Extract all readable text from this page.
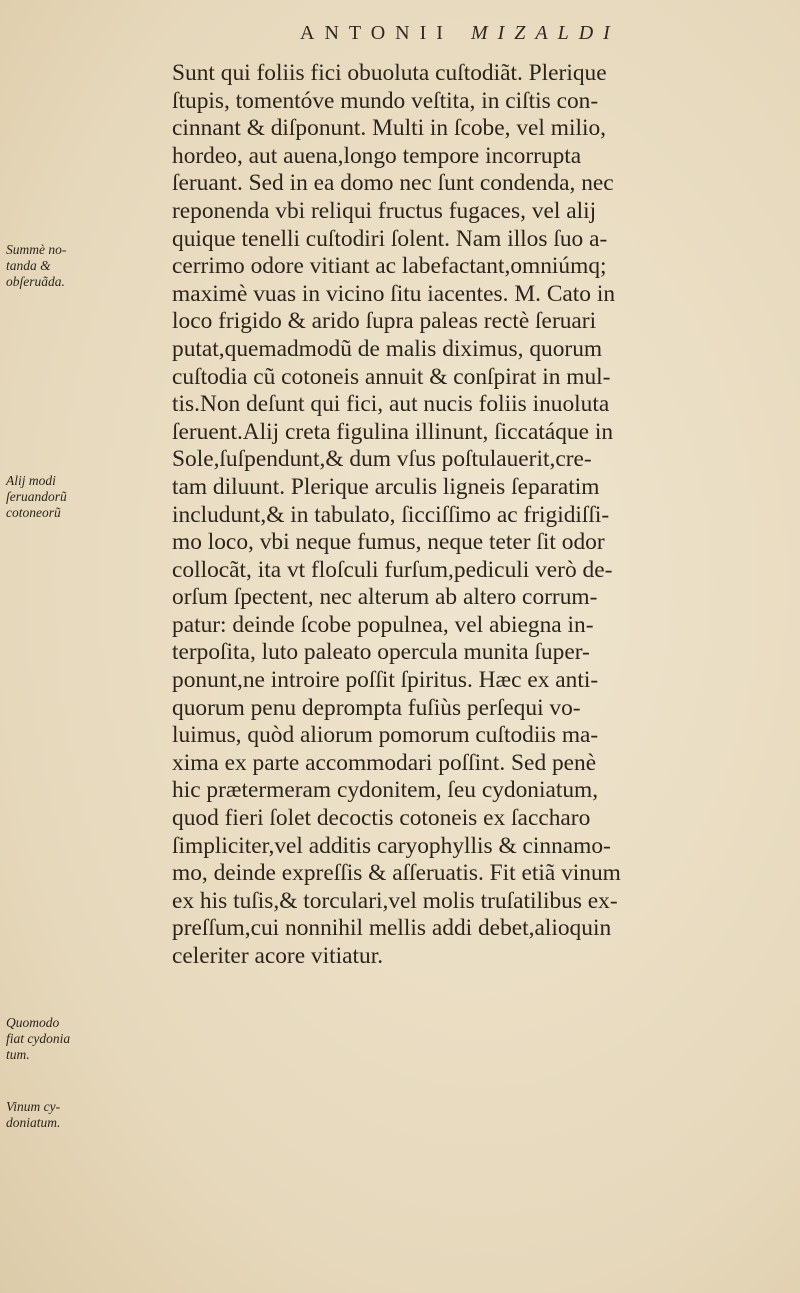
ANTONII MIZALDI
Summè no-
tanda &
obſeruãda.
Alij modi
ſeruandorũ
cotoneorũ
Quomodo
fiat cydonia
tum.
Vinum cy-
doniatum.
Sunt qui foliis fici obuoluta cuſtodiãt. Plerique
ſtupis, tomentóve mundo veſtita, in ciſtis con-
cinnant & diſponunt. Multi in ſcobe, vel milio,
hordeo, aut auena,longo tempore incorrupta
ſeruant. Sed in ea domo nec ſunt condenda, nec
reponenda vbi reliqui fructus fugaces, vel alij
quique tenelli cuſtodiri ſolent. Nam illos ſuo a-
cerrimo odore vitiant ac labefactant,omniúmq;
maximè vuas in vicino ſitu iacentes. M. Cato in
loco frigido & arido ſupra paleas rectè ſeruari
putat,quemadmodũ de malis diximus, quorum
cuſtodia cũ cotoneis annuit & conſpirat in mul-
tis.Non deſunt qui fici, aut nucis foliis inuoluta
ſeruent.Alij creta figulina illinunt, ſiccatáque in
Sole,ſuſpendunt,& dum vſus poſtulauerit,cre-
tam diluunt. Plerique arculis ligneis ſeparatim
includunt,& in tabulato, ſicciſſimo ac frigidiſſi-
mo loco, vbi neque fumus, neque teter ſit odor
collocãt, ita vt floſculi furſum,pediculi verò de-
orſum ſpectent, nec alterum ab altero corrum-
patur: deinde ſcobe populnea, vel abiegna in-
terpoſita, luto paleato opercula munita ſuper-
ponunt,ne introire poſſit ſpiritus. Hæc ex anti-
quorum penu deprompta fuſiùs perſequi vo-
luimus, quòd aliorum pomorum cuſtodiis ma-
xima ex parte accommodari poſſint. Sed penè
hic prætermeram cydonitem, ſeu cydoniatum,
quod fieri ſolet decoctis cotoneis ex ſaccharo
ſimpliciter,vel additis caryophyllis & cinnamo-
mo, deinde expreſſis & aſſeruatis. Fit etiã vinum
ex his tuſis,& torculari,vel molis truſatilibus ex-
preſſum,cui nonnihil mellis addi debet,alioquin
celeriter acore vitiatur.
